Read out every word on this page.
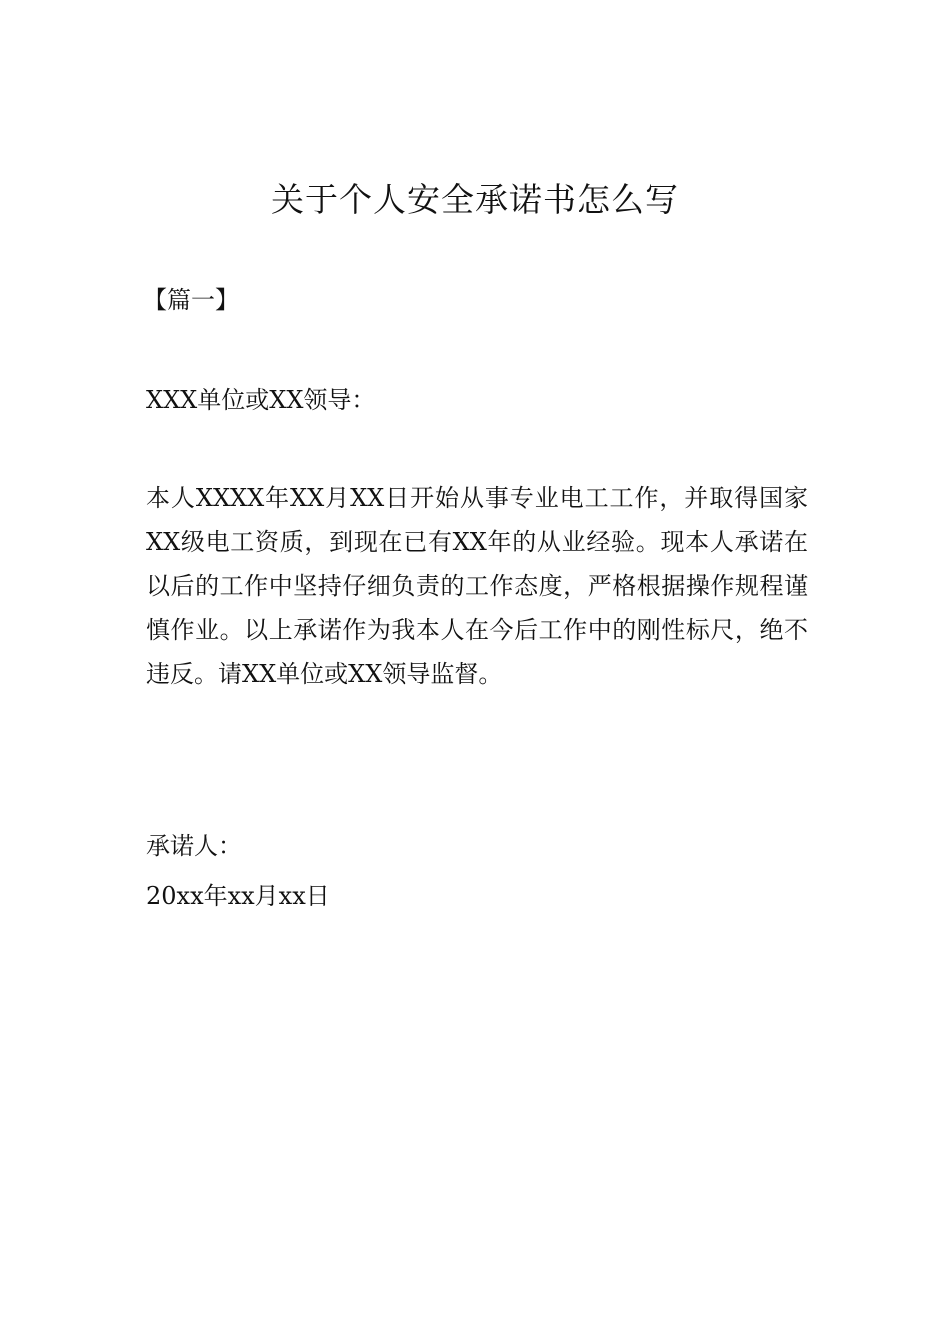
关于个人安全承诺书怎么写
【篇一】
XXX单位或XX领导：

本人XXXX年XX月XX日开始从事专业电工工作，并取得国家XX级电工资质，到现在已有XX年的从业经验。现本人承诺在以后的工作中坚持仔细负责的工作态度，严格根据操作规程谨慎作业。以上承诺作为我本人在今后工作中的刚性标尺，绝不违反。请XX单位或XX领导监督。

承诺人：
20xx年xx月xx日
